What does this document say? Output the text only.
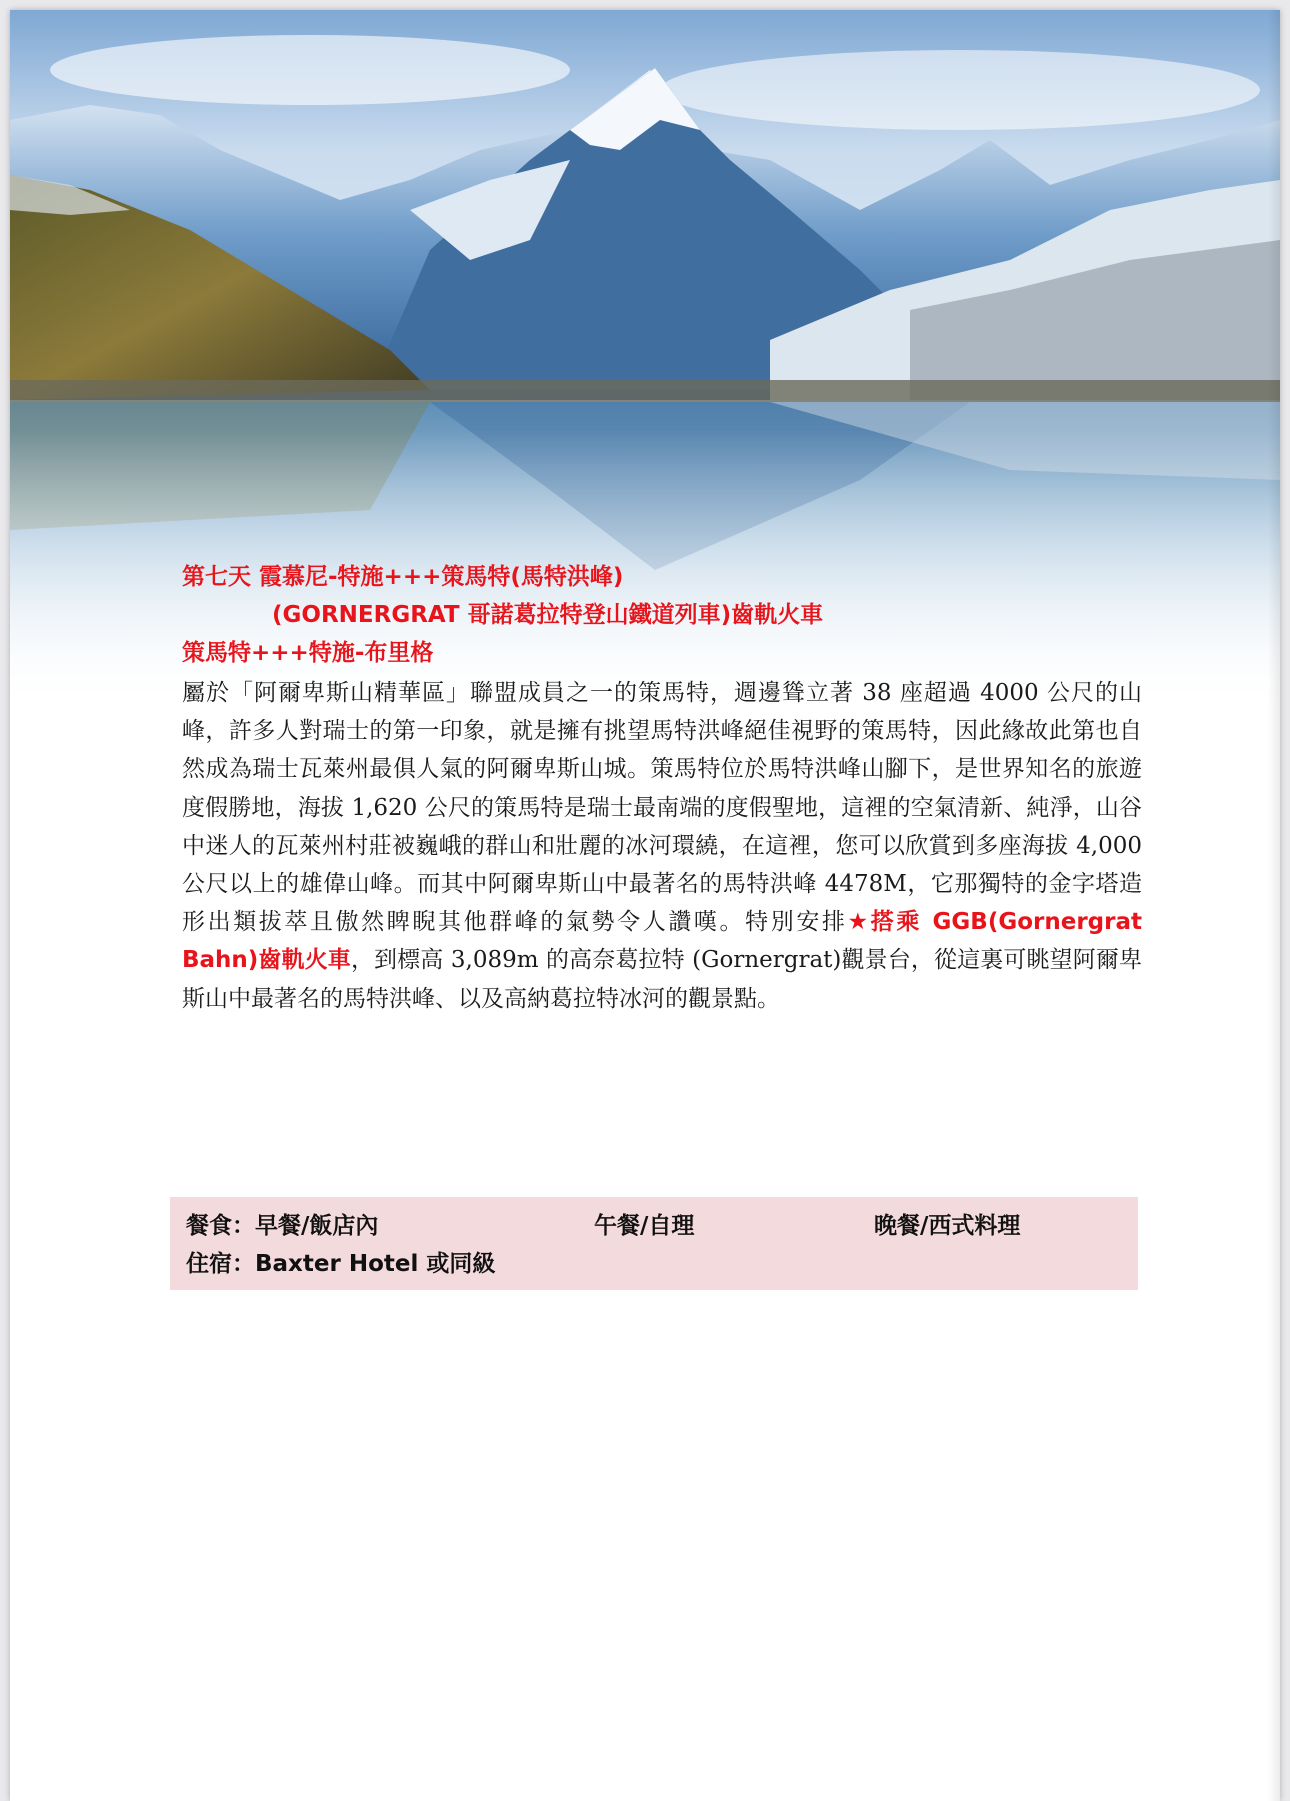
第七天 霞慕尼-特施+++策馬特(馬特洪峰)
(GORNERGRAT 哥諾葛拉特登山鐵道列車)齒軌火車
策馬特+++特施-布里格
屬於「阿爾卑斯山精華區」聯盟成員之一的策馬特，週邊聳立著 38 座超過 4000 公尺的山峰，許多人對瑞士的第一印象，就是擁有挑望馬特洪峰絕佳視野的策馬特，因此緣故此第也自然成為瑞士瓦萊州最俱人氣的阿爾卑斯山城。策馬特位於馬特洪峰山腳下，是世界知名的旅遊度假勝地，海拔 1,620 公尺的策馬特是瑞士最南端的度假聖地，這裡的空氣清新、純淨，山谷中迷人的瓦萊州村莊被巍峨的群山和壯麗的冰河環繞，在這裡，您可以欣賞到多座海拔 4,000 公尺以上的雄偉山峰。而其中阿爾卑斯山中最著名的馬特洪峰 4478M，它那獨特的金字塔造形出類拔萃且傲然睥睨其他群峰的氣勢令人讚嘆。特別安排★搭乘 GGB(Gornergrat Bahn)齒軌火車，到標高 3,089m 的高奈葛拉特 (Gornergrat)觀景台，從這裏可眺望阿爾卑斯山中最著名的馬特洪峰、以及高納葛拉特冰河的觀景點。
餐食：早餐/飯店內	午餐/自理	晚餐/西式料理
住宿：Baxter Hotel 或同級
